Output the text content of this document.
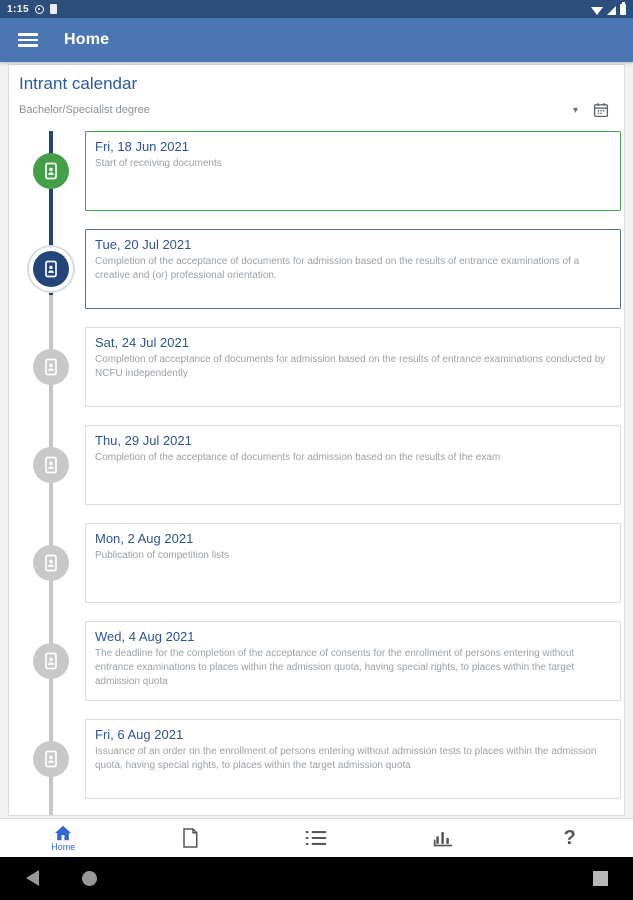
1:15
Home
Intrant calendar
Bachelor/Specialist degree	▾
Fri, 18 Jun 2021
Start of receiving documents
Tue, 20 Jul 2021
Completion of the acceptance of documents for admission based on the results of entrance examinations of a creative and (or) professional orientation.
Sat, 24 Jul 2021
Completion of acceptance of documents for admission based on the results of entrance examinations conducted by NCFU independently
Thu, 29 Jul 2021
Completion of the acceptance of documents for admission based on the results of the exam
Mon, 2 Aug 2021
Publication of competition lists
Wed, 4 Aug 2021
The deadline for the completion of the acceptance of consents for the enrollment of persons entering without entrance examinations to places within the admission quota, having special rights, to places within the target admission quota
Fri, 6 Aug 2021
Issuance of an order on the enrollment of persons entering without admission tests to places within the admission quota, having special rights, to places within the target admission quota
Home	?
